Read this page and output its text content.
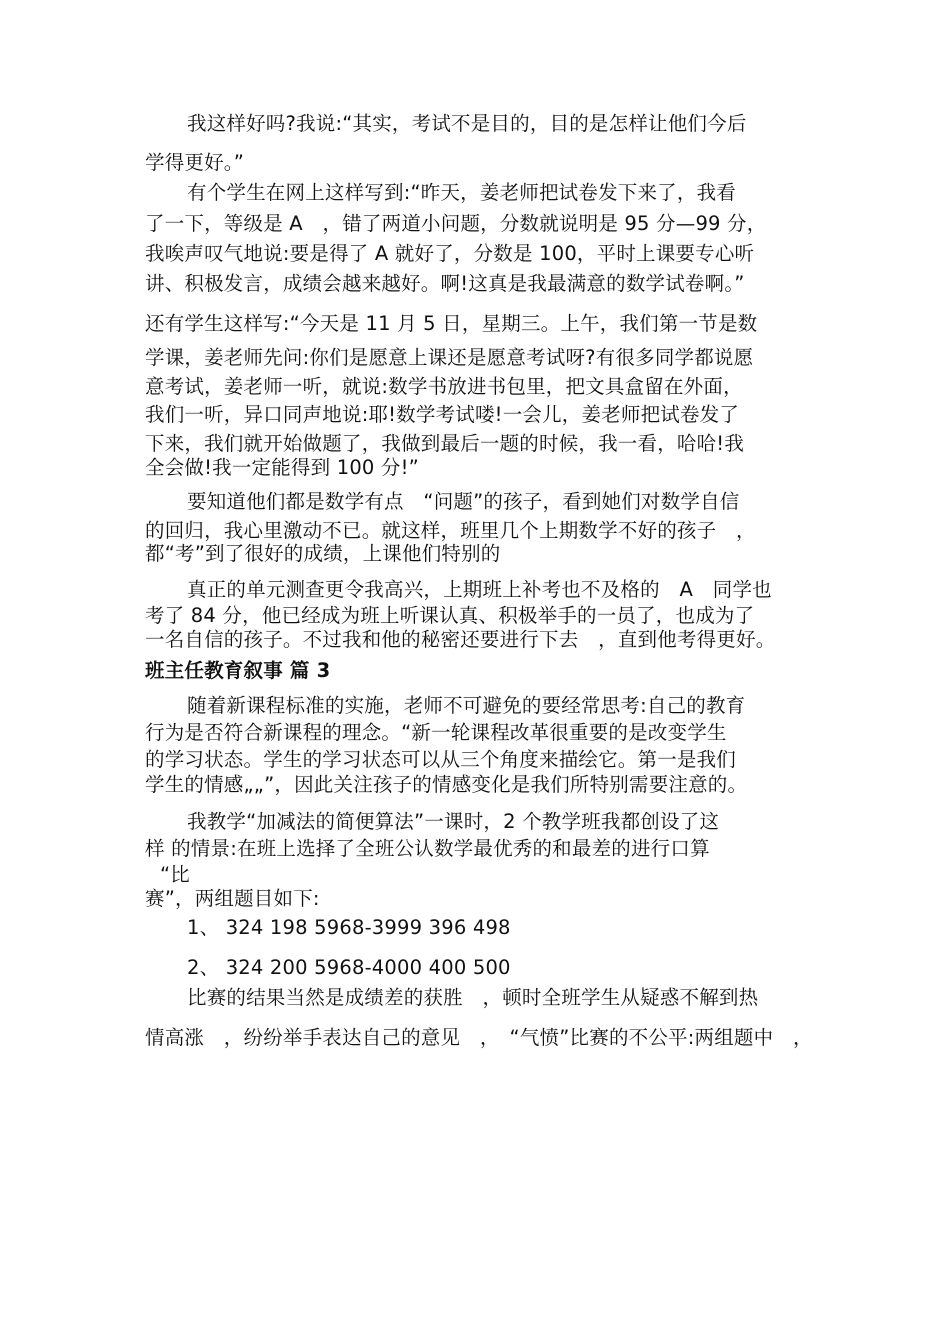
我这样好吗?我说:“其实，考试不是目的，目的是怎样让他们今后
学得更好。”
有个学生在网上这样写到:“昨天，姜老师把试卷发下来了，我看
了一下，等级是 A　，错了两道小问题，分数就说明是 95 分—99 分，
我唉声叹气地说:要是得了 A 就好了，分数是 100，平时上课要专心听
讲、积极发言，成绩会越来越好。啊!这真是我最满意的数学试卷啊。”
还有学生这样写:“今天是 11 月 5 日，星期三。上午，我们第一节是数
学课，姜老师先问:你们是愿意上课还是愿意考试呀?有很多同学都说愿
意考试，姜老师一听，就说:数学书放进书包里，把文具盒留在外面，
我们一听，异口同声地说:耶!数学考试喽!一会儿，姜老师把试卷发了
下来，我们就开始做题了，我做到最后一题的时候，我一看，哈哈!我
全会做!我一定能得到 100 分!”
要知道他们都是数学有点　“问题”的孩子，看到她们对数学自信
的回归，我心里激动不已。就这样，班里几个上期数学不好的孩子　，
都“考”到了很好的成绩，上课他们特别的
真正的单元测查更令我高兴，上期班上补考也不及格的　A　同学也
考了 84 分，他已经成为班上听课认真、积极举手的一员了，也成为了
一名自信的孩子。不过我和他的秘密还要进行下去　，直到他考得更好。
班主任教育叙事 篇 3
随着新课程标准的实施，老师不可避免的要经常思考:自己的教育
行为是否符合新课程的理念。“新一轮课程改革很重要的是改变学生
的学习状态。学生的学习状态可以从三个角度来描绘它。第一是我们
学生的情感„„”，因此关注孩子的情感变化是我们所特别需要注意的。
我教学“加减法的简便算法”一课时，2 个教学班我都创设了这
样 的情景:在班上选择了全班公认数学最优秀的和最差的进行口算
“比
赛”，两组题目如下:
1、 324 198 5968-3999 396 498
2、 324 200 5968-4000 400 500
比赛的结果当然是成绩差的获胜　，顿时全班学生从疑惑不解到热
情高涨　，纷纷举手表达自己的意见　，　“气愤”比赛的不公平:两组题中　，
